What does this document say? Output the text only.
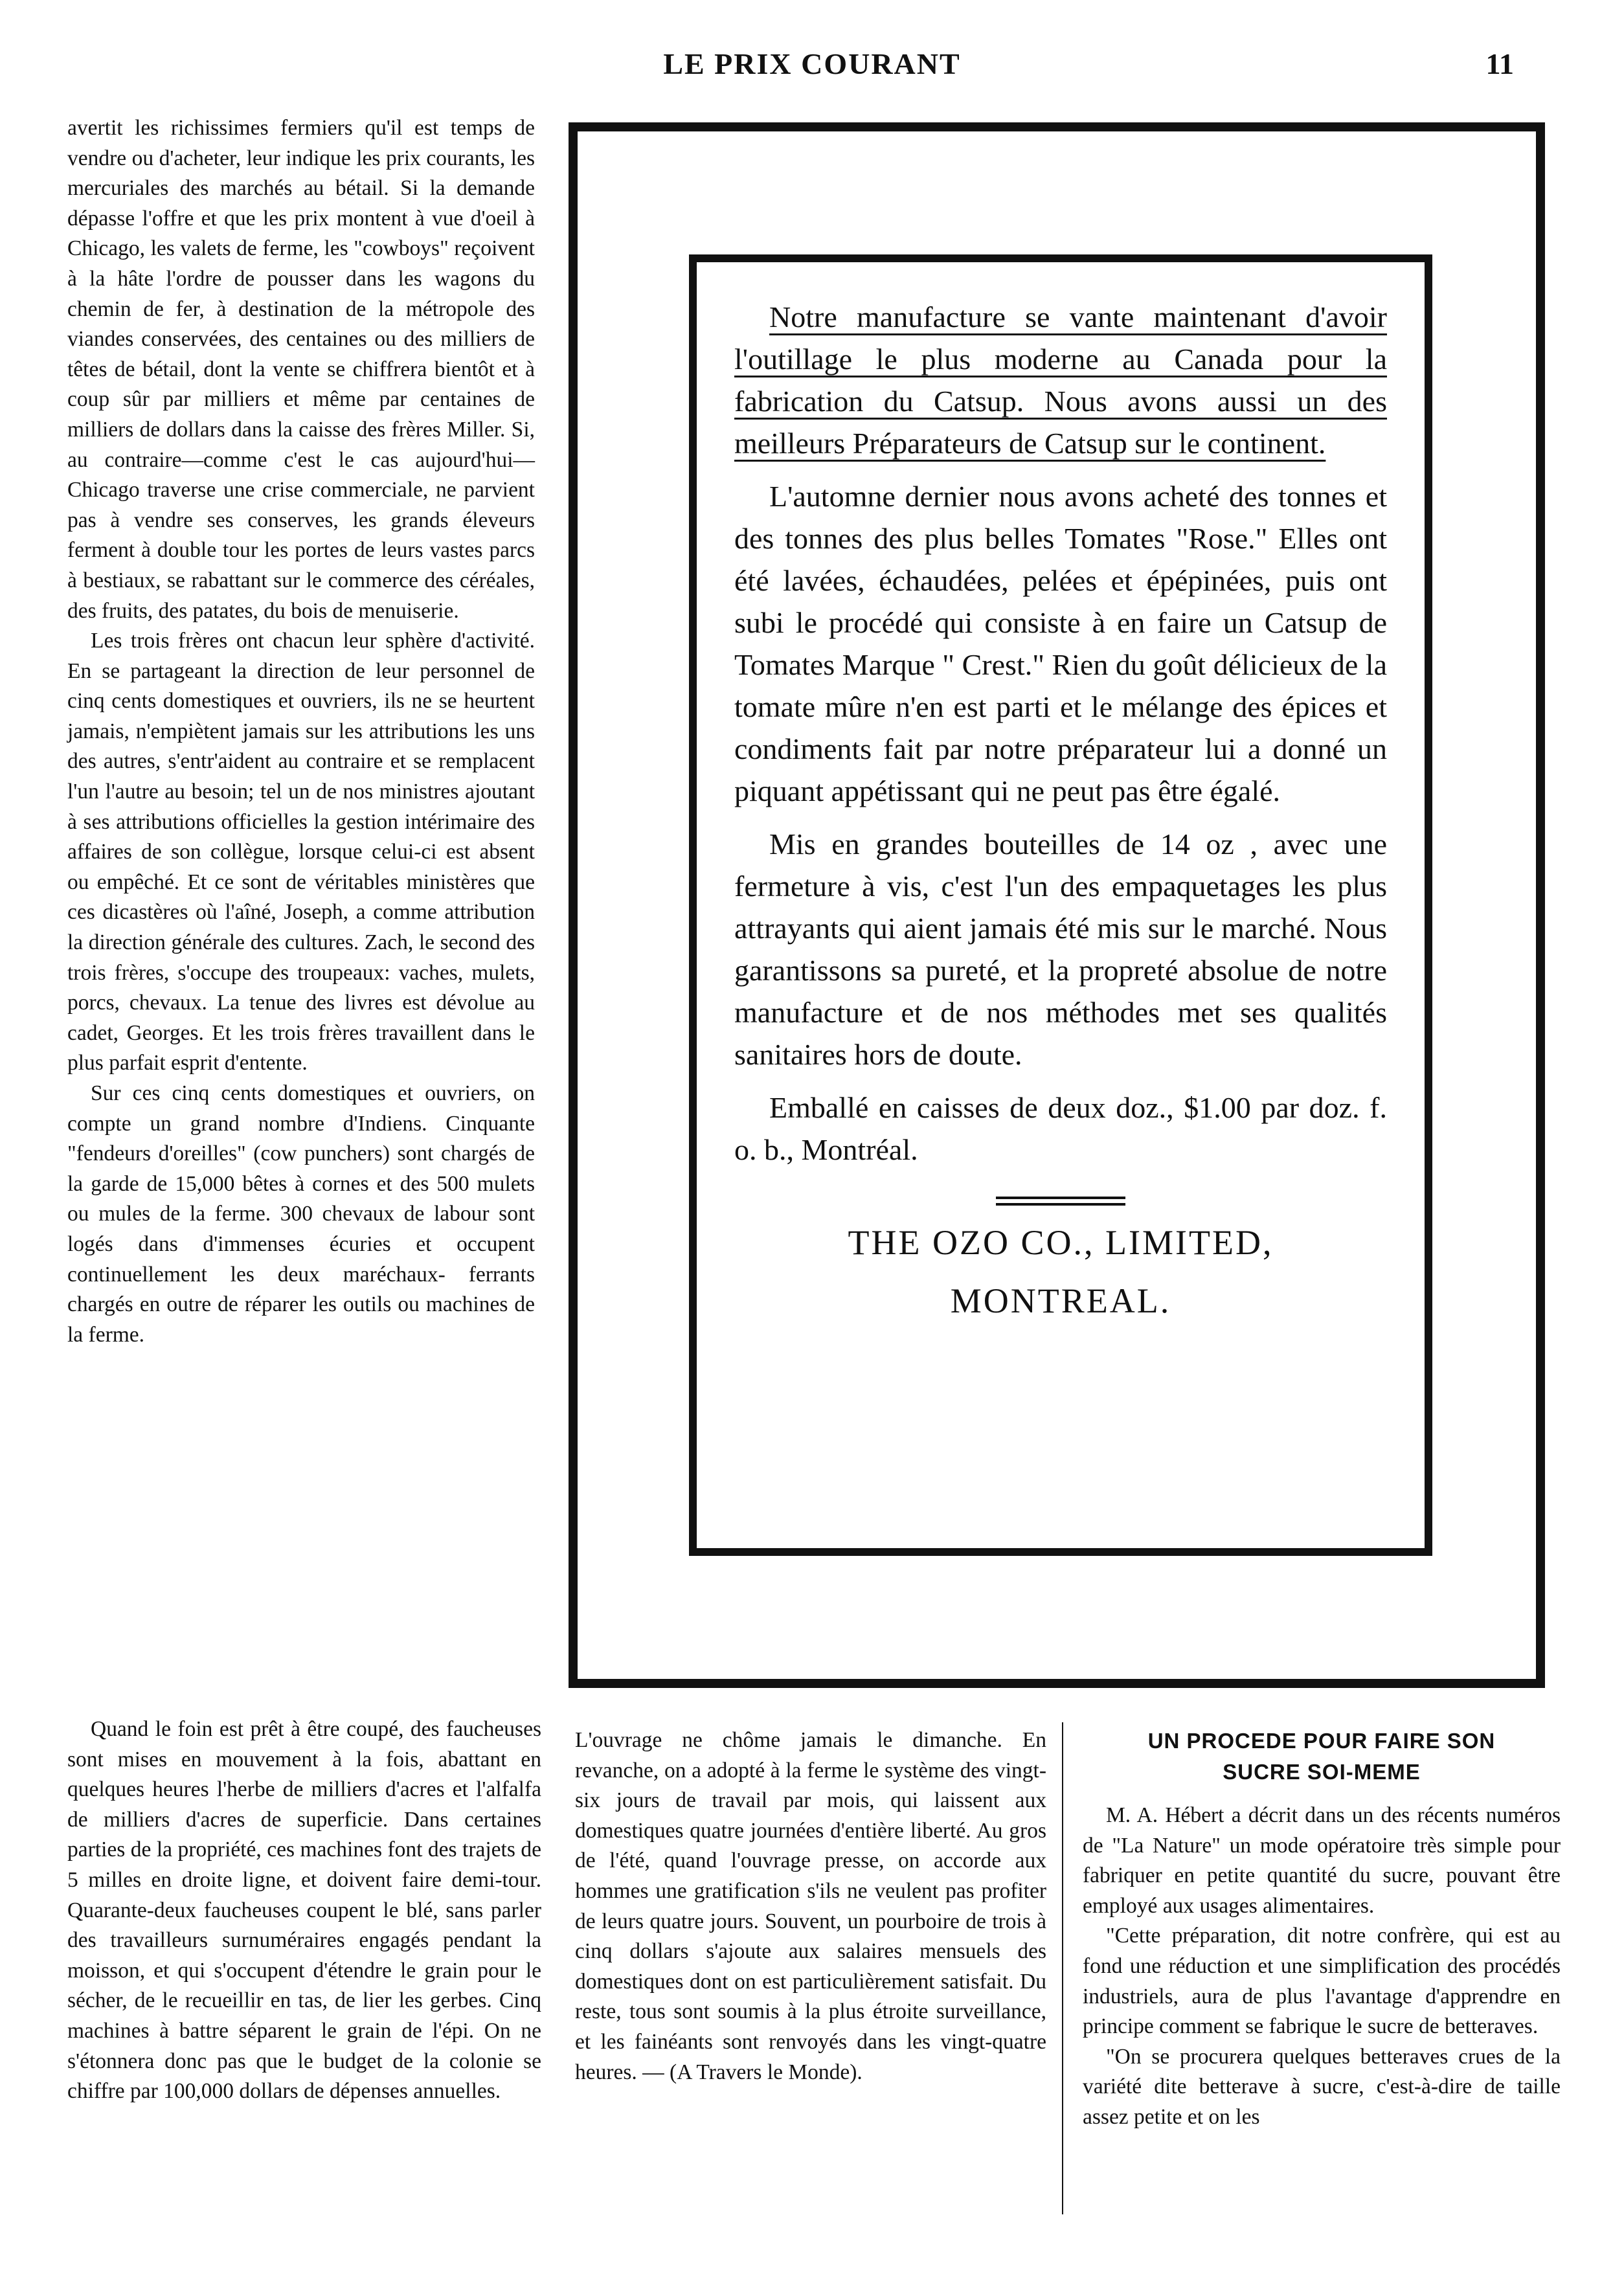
LE PRIX COURANT	11

avertit les richissimes fermiers qu'il est temps de vendre ou d'acheter, leur indique les prix courants, les mercuriales des marchés au bétail. Si la demande dépasse l'offre et que les prix montent à vue d'oeil à Chicago, les valets de ferme, les "cowboys" reçoivent à la hâte l'ordre de pousser dans les wagons du chemin de fer, à destination de la métropole des viandes conservées, des centaines ou des milliers de têtes de bétail, dont la vente se chiffrera bientôt et à coup sûr par milliers et même par centaines de milliers de dollars dans la caisse des frères Miller. Si, au contraire—comme c'est le cas aujourd'hui—Chicago traverse une crise commerciale, ne parvient pas à vendre ses conserves, les grands éleveurs ferment à double tour les portes de leurs vastes parcs à bestiaux, se rabattant sur le commerce des céréales, des fruits, des patates, du bois de menuiserie.

Les trois frères ont chacun leur sphère d'activité. En se partageant la direction de leur personnel de cinq cents domestiques et ouvriers, ils ne se heurtent jamais, n'empiètent jamais sur les attributions les uns des autres, s'entr'aident au contraire et se remplacent l'un l'autre au besoin; tel un de nos ministres ajoutant à ses attributions officielles la gestion intérimaire des affaires de son collègue, lorsque celui-ci est absent ou empêché. Et ce sont de véritables ministères que ces dicastères où l'aîné, Joseph, a comme attribution la direction générale des cultures. Zach, le second des trois frères, s'occupe des troupeaux: vaches, mulets, porcs, chevaux. La tenue des livres est dévolue au cadet, Georges. Et les trois frères travaillent dans le plus parfait esprit d'entente.

Sur ces cinq cents domestiques et ouvriers, on compte un grand nombre d'Indiens. Cinquante "fendeurs d'oreilles" (cow punchers) sont chargés de la garde de 15,000 bêtes à cornes et des 500 mulets ou mules de la ferme. 300 chevaux de labour sont logés dans d'immenses écuries et occupent continuellement les deux maréchaux- ferrants chargés en outre de réparer les outils ou machines de la ferme.

Notre manufacture se vante maintenant d'avoir l'outillage le plus moderne au Canada pour la fabrication du Catsup. Nous avons aussi un des meilleurs Préparateurs de Catsup sur le continent.

L'automne dernier nous avons acheté des tonnes et des tonnes des plus belles Tomates "Rose." Elles ont été lavées, échaudées, pelées et épépinées, puis ont subi le procédé qui consiste à en faire un Catsup de Tomates Marque " Crest." Rien du goût délicieux de la tomate mûre n'en est parti et le mélange des épices et condiments fait par notre préparateur lui a donné un piquant appétissant qui ne peut pas être égalé.

Mis en grandes bouteilles de 14 oz , avec une fermeture à vis, c'est l'un des empaquetages les plus attrayants qui aient jamais été mis sur le marché. Nous garantissons sa pureté, et la propreté absolue de notre manufacture et de nos méthodes met ses qualités sanitaires hors de doute.

Emballé en caisses de deux doz., $1.00 par doz. f. o. b., Montréal.

THE OZO CO., LIMITED,
MONTREAL.

Quand le foin est prêt à être coupé, des faucheuses sont mises en mouvement à la fois, abattant en quelques heures l'herbe de milliers d'acres et l'alfalfa de milliers d'acres de superficie. Dans certaines parties de la propriété, ces machines font des trajets de 5 milles en droite ligne, et doivent faire demi-tour. Quarante-deux faucheuses coupent le blé, sans parler des travailleurs surnuméraires engagés pendant la moisson, et qui s'occupent d'étendre le grain pour le sécher, de le recueillir en tas, de lier les gerbes. Cinq machines à battre séparent le grain de l'épi. On ne s'étonnera donc pas que le budget de la colonie se chiffre par 100,000 dollars de dépenses annuelles.

L'ouvrage ne chôme jamais le dimanche. En revanche, on a adopté à la ferme le système des vingt-six jours de travail par mois, qui laissent aux domestiques quatre journées d'entière liberté. Au gros de l'été, quand l'ouvrage presse, on accorde aux hommes une gratification s'ils ne veulent pas profiter de leurs quatre jours. Souvent, un pourboire de trois à cinq dollars s'ajoute aux salaires mensuels des domestiques dont on est particulièrement satisfait. Du reste, tous sont soumis à la plus étroite surveillance, et les fainéants sont renvoyés dans les vingt-quatre heures. — (A Travers le Monde).

UN PROCEDE POUR FAIRE SON
SUCRE SOI-MEME

M. A. Hébert a décrit dans un des récents numéros de "La Nature" un mode opératoire très simple pour fabriquer en petite quantité du sucre, pouvant être employé aux usages alimentaires.

"Cette préparation, dit notre confrère, qui est au fond une réduction et une simplification des procédés industriels, aura de plus l'avantage d'apprendre en principe comment se fabrique le sucre de betteraves.

"On se procurera quelques betteraves crues de la variété dite betterave à sucre, c'est-à-dire de taille assez petite et on les
